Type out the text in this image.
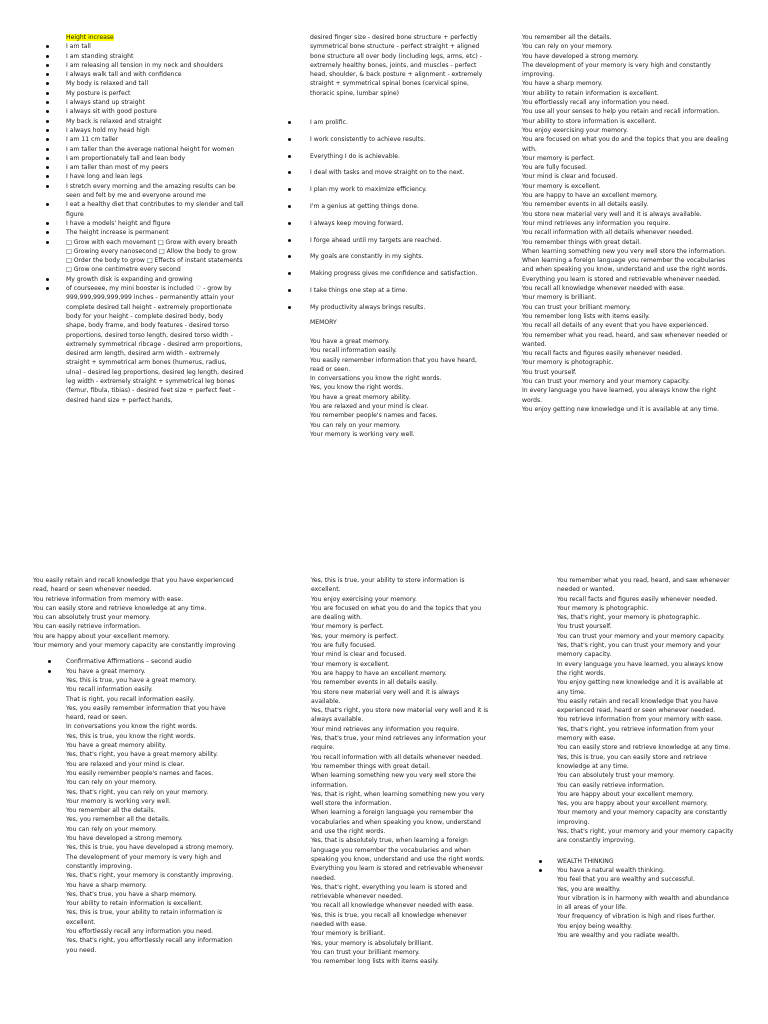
Height increase

I am tall
I am standing straight
I am releasing all tension in my neck and shoulders
I always walk tall and with confidence
My body is relaxed and tall
My posture is perfect
I always stand up straight
I always sit with good posture
My back is relaxed and straight
I always hold my head high
I am 11 cm taller
I am taller than the average national height for women
I am proportionately tall and lean body
I am taller than most of my peers
I have long and lean legs
I stretch every morning and the amazing results can be seen and felt by me and everyone around me
I eat a healthy diet that contributes to my slender and tall figure
I have a models' height and figure
The height increase is permanent
□ Grow with each movement □ Grow with every breath □ Growing every nanosecond □ Allow the body to grow □ Order the body to grow □ Effects of instant statements □ Grow one centimetre every second
My growth disk is expanding and growing
of courseeee, my mini booster is included ♡ - grow by 999,999,999,999,999 inches - permanently attain your complete desired tall height - extremely proportionate body for your height - complete desired body, body shape, body frame, and body features - desired torso proportions, desired torso length, desired torso width - extremely symmetrical ribcage - desired arm proportions, desired arm length, desired arm width - extremely straight + symmetrical arm bones (humerus, radius, ulna) - desired leg proportions, desired leg length, desired leg width - extremely straight + symmetrical leg bones (femur, fibula, tibias) - desired feet size + perfect feet - desired hand size + perfect hands,

desired finger size - desired bone structure + perfectly symmetrical bone structure - perfect straight + aligned bone structure all over body (including legs, arms, etc) - extremely healthy bones, joints, and muscles - perfect head, shoulder, & back posture + alignment - extremely straight + symmetrical spinal bones (cervical spine, thoracic spine, lumbar spine)

I am prolific.
I work consistently to achieve results.
Everything I do is achievable.
I deal with tasks and move straight on to the next.
I plan my work to maximize efficiency.
I'm a genius at getting things done.
I always keep moving forward.
I forge ahead until my targets are reached.
My goals are constantly in my sights.
Making progress gives me confidence and satisfaction.
I take things one step at a time.
My productivity always brings results.

MEMORY

You have a great memory.

You recall information easily.

You easily remember information that you have heard, read or seen.

In conversations you know the right words.

Yes, you know the right words.

You have a great memory ability.

You are relaxed and your mind is clear.

You remember people's names and faces.

You can rely on your memory.

Your memory is working very well.

You remember all the details.

You can rely on your memory.

You have developed a strong memory.

The development of your memory is very high and constantly improving.

You have a sharp memory.

Your ability to retain information is excellent.

You effortlessly recall any information you need.

You use all your senses to help you retain and recall information.

Your ability to store information is excellent.

You enjoy exercising your memory.

You are focused on what you do and the topics that you are dealing with.

Your memory is perfect.

You are fully focused.

Your mind is clear and focused.

Your memory is excellent.

You are happy to have an excellent memory.

You remember events in all details easily.

You store new material very well and it is always available.

Your mind retrieves any information you require.

You recall information with all details whenever needed.

You remember things with great detail.

When learning something new you very well store the information.

When learning a foreign language you remember the vocabularies and when speaking you know, understand and use the right words.

Everything you learn is stored and retrievable whenever needed.

You recall all knowledge whenever needed with ease.

Your memory is brilliant.

You can trust your brilliant memory.

You remember long lists with items easily.

You recall all details of any event that you have experienced.

You remember what you read, heard, and saw whenever needed or wanted.

You recall facts and figures easily whenever needed.

Your memory is photographic.

You trust yourself.

You can trust your memory and your memory capacity.

In every language you have learned, you always know the right words.

You enjoy getting new knowledge und it is available at any time.

You easily retain and recall knowledge that you have experienced read, heard or seen whenever needed.

You retrieve information from memory with ease.

You can easily store and retrieve knowledge at any time.

You can absolutely trust your memory.

You can easily retrieve information.

You are happy about your excellent memory.

Your memory and your memory capacity are constantly improving

Confirmative Affirmations – second audio
You have a great memory.

Yes, this is true, you have a great memory.

You recall information easily.

That is right, you recall information easily.

Yes, you easily remember information that you have heard, read or seen.

In conversations you know the right words.

Yes, this is true, you know the right words.

You have a great memory ability.

Yes, that's right, you have a great memory ability.

You are relaxed and your mind is clear.

You easily remember people's names and faces.

You can rely on your memory.

Yes, that's right, you can rely on your memory.

Your memory is working very well.

You remember all the details.

Yes, you remember all the details.

You can rely on your memory.

You have developed a strong memory.

Yes, this is true, you have developed a strong memory.

The development of your memory is very high and constantly improving.

Yes, that's right, your memory is constantly improving.

You have a sharp memory.

Yes, that's true, you have a sharp memory.

Your ability to retain information is excellent.

Yes, this is true, your ability to retain information is excellent.

You effortlessly recall any information you need.

Yes, that's right, you effortlessly recall any information you need.

Yes, this is true, your ability to store information is excellent.

You enjoy exercising your memory.

You are focused on what you do and the topics that you are dealing with.

Your memory is perfect.

Yes, your memory is perfect.

You are fully focused.

Your mind is clear and focused.

Your memory is excellent.

You are happy to have an excellent memory.

You remember events in all details easily.

You store new material very well and it is always available.

Yes, that's right, you store new material very well and it is always available.

Your mind retrieves any information you require.

Yes, that's true, your mind retrieves any information your require.

You recall information with all details whenever needed.

You remember things with great detail.

When learning something new you very well store the information.

Yes, that is right, when learning something new you very well store the information.

When learning a foreign language you remember the vocabularies and when speaking you know, understand and use the right words.

Yes, that is absolutely true, when learning a foreign language you remember the vocabularies and when speaking you know, understand and use the right words.

Everything you learn is stored and retrievable whenever needed.

Yes, that's right, everything you learn is stored and retrievable whenever needed.

You recall all knowledge whenever needed with ease.

Yes, this is true, you recall all knowledge whenever needed with ease.

Your memory is brilliant.

Yes, your memory is absolutely brilliant.

You can trust your brilliant memory.

You remember long lists with items easily.

You remember what you read, heard, and saw whenever needed or wanted.

You recall facts and figures easily whenever needed.

Your memory is photographic.

Yes, that's right, your memory is photographic.

You trust yourself.

You can trust your memory and your memory capacity.

Yes, that's right, you can trust your memory and your memory capacity.

In every language you have learned, you always know the right words.

You enjoy getting new knowledge and it is available at any time.

You easily retain and recall knowledge that you have experienced read, heard or seen whenever needed.

You retrieve information from your memory with ease.

Yes, that's right, you retrieve information from your memory with ease.

You can easily store and retrieve knowledge at any time.

Yes, this is true, you can easily store and retrieve knowledge at any time.

You can absolutely trust your memory.

You can easily retrieve information.

You are happy about your excellent memory.

Yes, you are happy about your excellent memory.

Your memory and your memory capacity are constantly improving.

Yes, that's right, your memory and your memory capacity are constantly improving.

WEALTH THINKING
You have a natural wealth thinking.

You feel that you are wealthy and successful.

Yes, you are wealthy.

Your vibration is in harmony with wealth and abundance in all areas of your life.

Your frequency of vibration is high and rises further.

You enjoy being wealthy.

You are wealthy and you radiate wealth.
